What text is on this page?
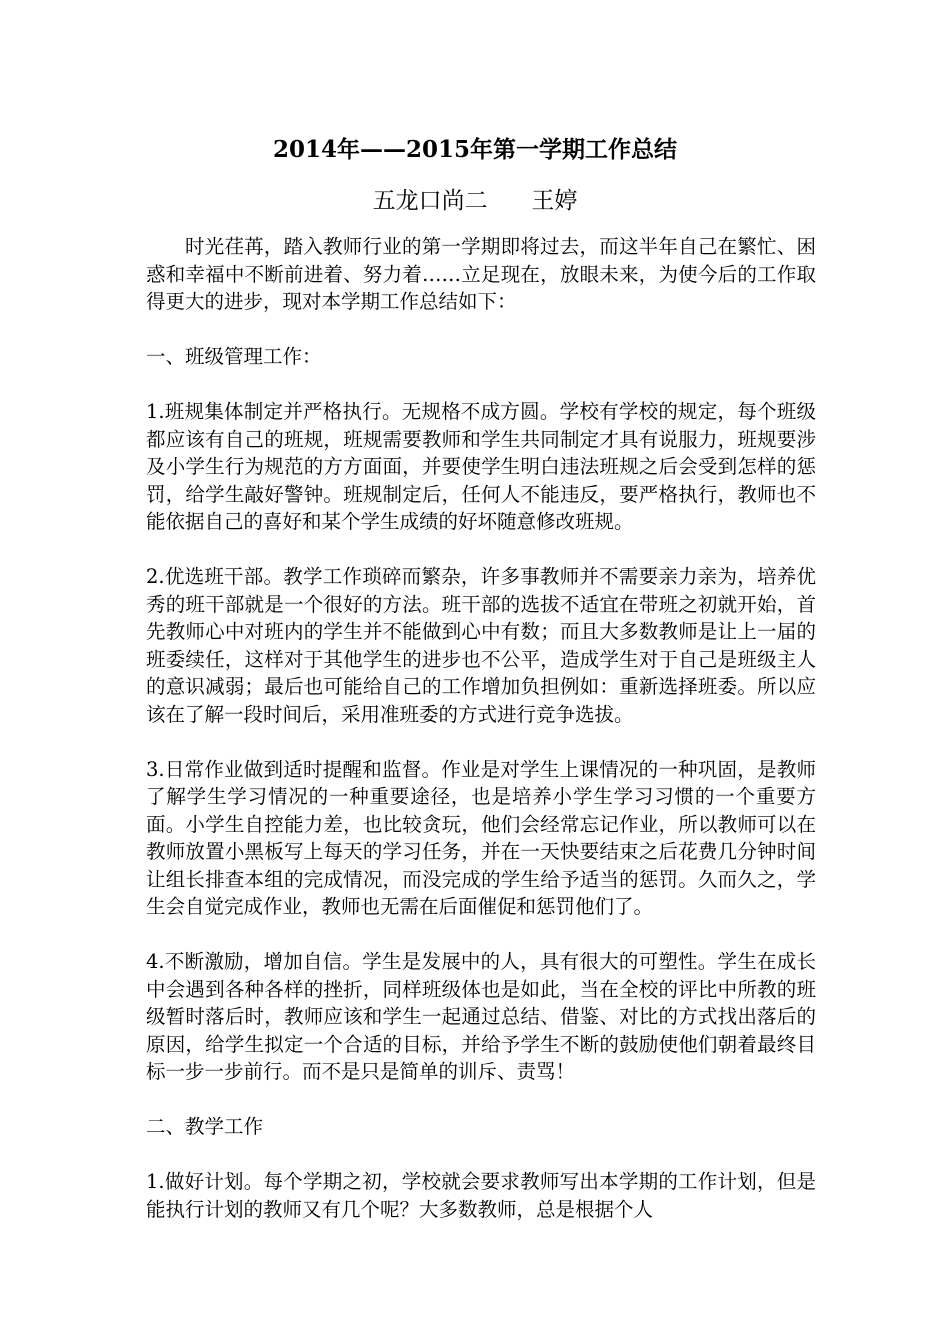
2014年——2015年第一学期工作总结
五龙口尚二      王婷

时光荏苒，踏入教师行业的第一学期即将过去，而这半年自己在繁忙、困惑和幸福中不断前进着、努力着……立足现在，放眼未来，为使今后的工作取得更大的进步，现对本学期工作总结如下：

一、班级管理工作：

1.班规集体制定并严格执行。无规格不成方圆。学校有学校的规定，每个班级都应该有自己的班规，班规需要教师和学生共同制定才具有说服力，班规要涉及小学生行为规范的方方面面，并要使学生明白违法班规之后会受到怎样的惩罚，给学生敲好警钟。班规制定后，任何人不能违反，要严格执行，教师也不能依据自己的喜好和某个学生成绩的好坏随意修改班规。

2.优选班干部。教学工作琐碎而繁杂，许多事教师并不需要亲力亲为，培养优秀的班干部就是一个很好的方法。班干部的选拔不适宜在带班之初就开始，首先教师心中对班内的学生并不能做到心中有数；而且大多数教师是让上一届的班委续任，这样对于其他学生的进步也不公平，造成学生对于自己是班级主人的意识减弱；最后也可能给自己的工作增加负担例如：重新选择班委。所以应该在了解一段时间后，采用准班委的方式进行竞争选拔。

3.日常作业做到适时提醒和监督。作业是对学生上课情况的一种巩固，是教师了解学生学习情况的一种重要途径，也是培养小学生学习习惯的一个重要方面。小学生自控能力差，也比较贪玩，他们会经常忘记作业，所以教师可以在教师放置小黑板写上每天的学习任务，并在一天快要结束之后花费几分钟时间让组长排查本组的完成情况，而没完成的学生给予适当的惩罚。久而久之，学生会自觉完成作业，教师也无需在后面催促和惩罚他们了。

4.不断激励，增加自信。学生是发展中的人，具有很大的可塑性。学生在成长中会遇到各种各样的挫折，同样班级体也是如此，当在全校的评比中所教的班级暂时落后时，教师应该和学生一起通过总结、借鉴、对比的方式找出落后的原因，给学生拟定一个合适的目标，并给予学生不断的鼓励使他们朝着最终目标一步一步前行。而不是只是简单的训斥、责骂！

二、教学工作

1.做好计划。每个学期之初，学校就会要求教师写出本学期的工作计划，但是能执行计划的教师又有几个呢？大多数教师，总是根据个人
